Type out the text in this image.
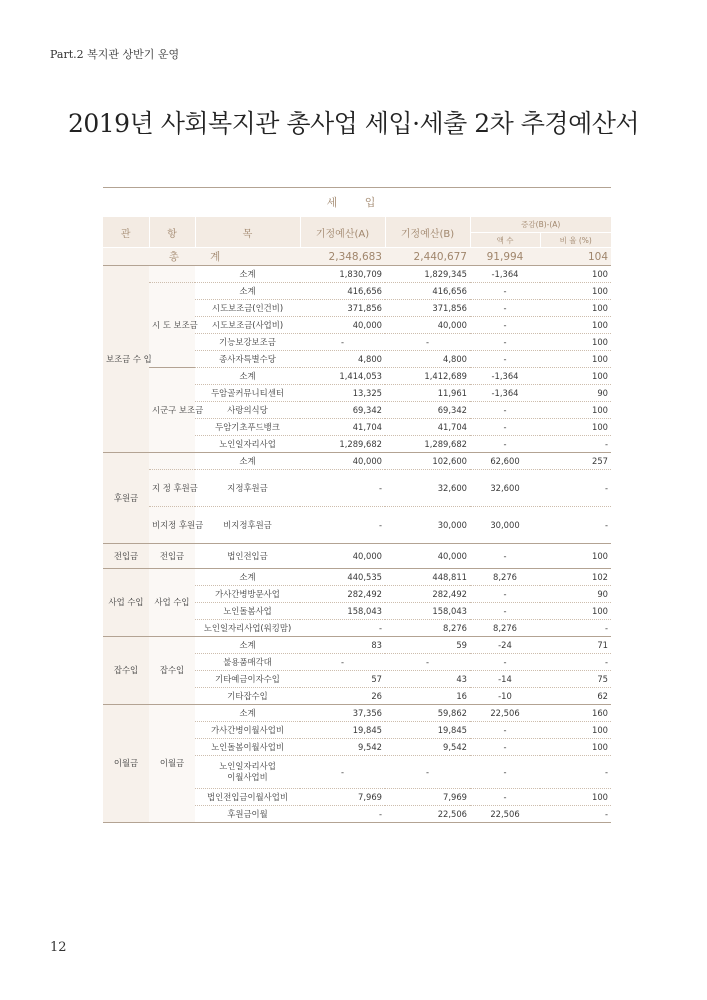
Part.2 복지관 상반기 운영
2019년 사회복지관 총사업 세입·세출 2차 추경예산서
세 입
관	항	목	기정예산(A)	기정예산(B)	증감(B)-(A)	
					액 수	비 율 (%)
총 계			2,348,683	2,440,677	91,994	104
보조금 수 입		소계	1,830,709	1,829,345	-1,364	100
	시 도 보조금	소계	416,656	416,656	-	100
		시도보조금(인건비)	371,856	371,856	-	100
		시도보조금(사업비)	40,000	40,000	-	100
		기능보강보조금	-	-	-	100
		종사자특별수당	4,800	4,800	-	100
	시군구 보조금	소계	1,414,053	1,412,689	-1,364	100
		두암골커뮤니티센터	13,325	11,961	-1,364	90
		사랑의식당	69,342	69,342	-	100
		두암기초푸드뱅크	41,704	41,704	-	100
		노인일자리사업	1,289,682	1,289,682	-	-
후원금		소계	40,000	102,600	62,600	257
	지 정 후원금	지정후원금	-	32,600	32,600	-
	비지정 후원금	비지정후원금	-	30,000	30,000	-
전입금	전입금	법인전입금	40,000	40,000	-	100
사업 수입	사업 수입	소계	440,535	448,811	8,276	102
		가사간병방문사업	282,492	282,492	-	90
		노인돌봄사업	158,043	158,043	-	100
		노인일자리사업(워킹맘)	-	8,276	8,276	-
잡수입	잡수입	소계	83	59	-24	71
		불용품매각대	-	-	-	-
		기타예금이자수입	57	43	-14	75
		기타잡수입	26	16	-10	62
이월금	이월금	소계	37,356	59,862	22,506	160
		가사간병이월사업비	19,845	19,845	-	100
		노인돌봄이월사업비	9,542	9,542	-	100
		노인일자리사업
이월사업비	-	-	-	-
		법인전입금이월사업비	7,969	7,969	-	100
		후원금이월	-	22,506	22,506	-
12
